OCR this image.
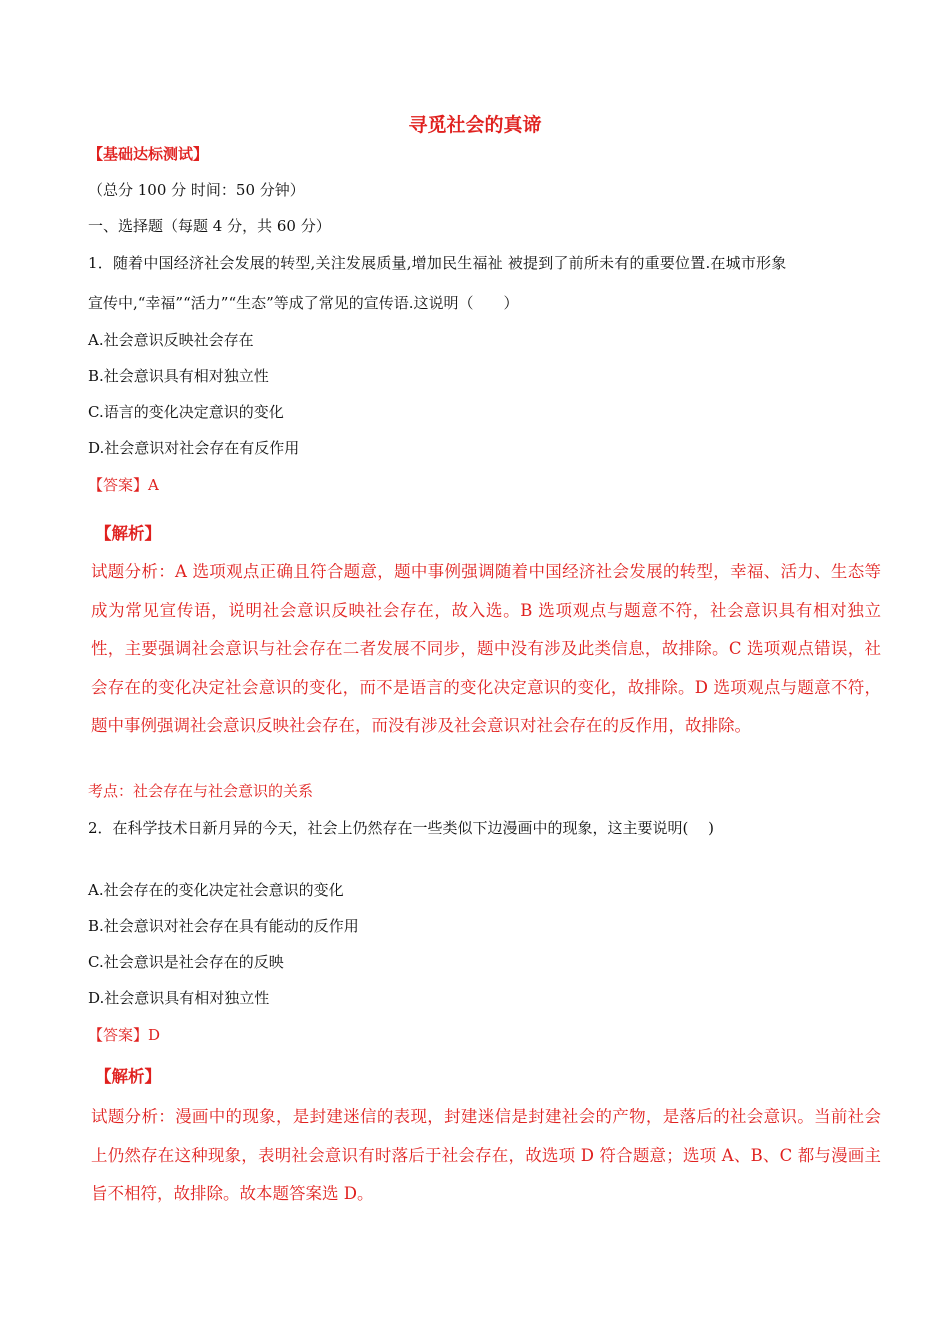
寻觅社会的真谛
【基础达标测试】
（总分 100 分 时间：50 分钟）
一、选择题（每题 4 分，共 60 分）
1．随着中国经济社会发展的转型,关注发展质量,增加民生福祉 被提到了前所未有的重要位置.在城市形象
宣传中,“幸福”“活力”“生态”等成了常见的宣传语.这说明（　　）
A.社会意识反映社会存在
B.社会意识具有相对独立性
C.语言的变化决定意识的变化
D.社会意识对社会存在有反作用
【答案】A
【解析】
试题分析：A 选项观点正确且符合题意，题中事例强调随着中国经济社会发展的转型，幸福、活力、生态等成为常见宣传语，说明社会意识反映社会存在，故入选。B 选项观点与题意不符，社会意识具有相对独立性，主要强调社会意识与社会存在二者发展不同步，题中没有涉及此类信息，故排除。C 选项观点错误，社会存在的变化决定社会意识的变化，而不是语言的变化决定意识的变化，故排除。D 选项观点与题意不符，题中事例强调社会意识反映社会存在，而没有涉及社会意识对社会存在的反作用，故排除。
考点：社会存在与社会意识的关系
2．在科学技术日新月异的今天，社会上仍然存在一些类似下边漫画中的现象，这主要说明(　 )
A.社会存在的变化决定社会意识的变化
B.社会意识对社会存在具有能动的反作用
C.社会意识是社会存在的反映
D.社会意识具有相对独立性
【答案】D
【解析】
试题分析：漫画中的现象，是封建迷信的表现，封建迷信是封建社会的产物，是落后的社会意识。当前社会上仍然存在这种现象，表明社会意识有时落后于社会存在，故选项 D 符合题意；选项 A、B、C 都与漫画主旨不相符，故排除。故本题答案选 D。
